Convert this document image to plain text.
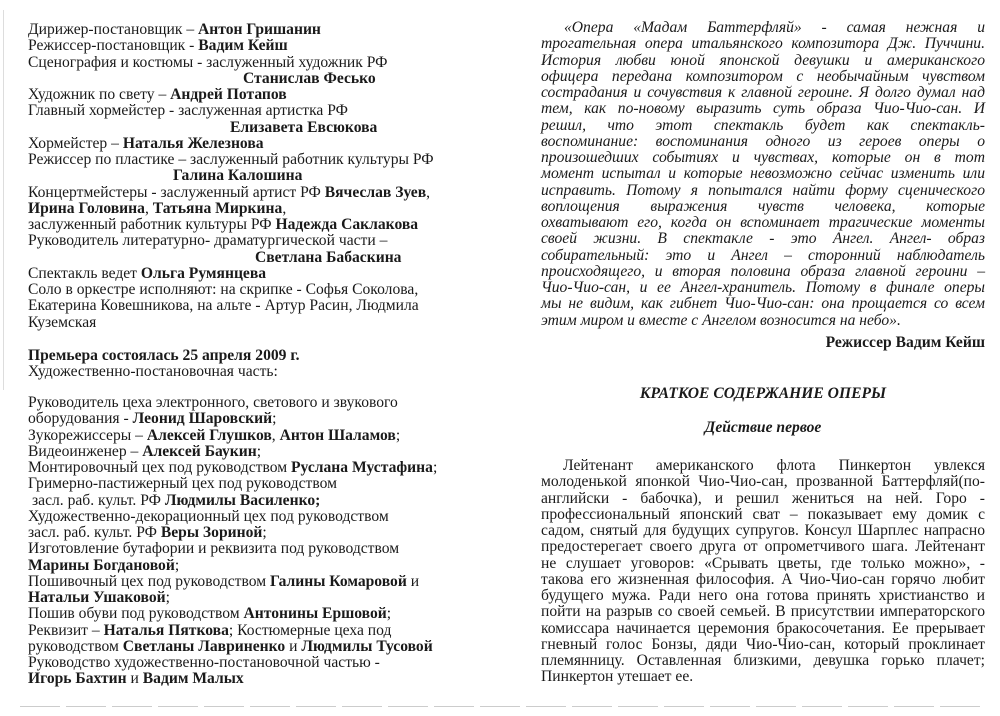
Дирижер-постановщик – Антон Гришанин
Режиссер-постановщик - Вадим Кейш
Сценография и костюмы - заслуженный художник РФ
Станислав Фесько
Художник по свету – Андрей Потапов
Главный хормейстер - заслуженная артистка РФ
Елизавета Евсюкова
Хормейстер – Наталья Железнова
Режиссер по пластике – заслуженный работник культуры РФ
Галина Калошина
Концертмейстеры - заслуженный артист РФ Вячеслав Зуев,
Ирина Головина, Татьяна Миркина,
заслуженный работник культуры РФ Надежда Саклакова
Руководитель литературно- драматургической части –
Светлана Бабаскина
Спектакль ведет Ольга Румянцева
Соло в оркестре исполняют: на скрипке - Софья Соколова,
Екатерина Ковешникова, на альте - Артур Расин, Людмила
Куземская
Премьера состоялась 25 апреля 2009 г.
Художественно-постановочная часть:
Руководитель цеха электронного, светового и звукового
оборудования - Леонид Шаровский;
Зукорежиссеры – Алексей Глушков, Антон Шаламов;
Видеоинженер – Алексей Баукин;
Монтировочный цех под руководством Руслана Мустафина;
Гримерно-пастижерный цех под руководством
засл. раб. культ. РФ Людмилы Василенко;
Художественно-декорационный цех под руководством
засл. раб. культ. РФ Веры Зориной;
Изготовление бутафории и реквизита под руководством
Марины Богдановой;
Пошивочный цех под руководством Галины Комаровой и
Натальи Ушаковой;
Пошив обуви под руководством Антонины Ершовой;
Реквизит – Наталья Пяткова; Костюмерные цеха под
руководством Светланы Лавриненко и Людмилы Тусовой
Руководство художественно-постановочной частью -
Игорь Бахтин и Вадим Малых
«Опера «Мадам Баттерфляй» - самая нежная и
трогательная опера итальянского композитора Дж. Пуччини.
История любви юной японской девушки и американского
офицера передана композитором с необычайным чувством
сострадания и сочувствия к главной героине. Я долго думал над
тем, как по-новому выразить суть образа Чио-Чио-сан. И
решил, что этот спектакль будет как спектакль-
воспоминание: воспоминания одного из героев оперы о
произошедших событиях и чувствах, которые он в тот
момент испытал и которые невозможно сейчас изменить или
исправить. Потому я попытался найти форму сценического
воплощения выражения чувств человека, которые
охватывают его, когда он вспоминает трагические моменты
своей жизни. В спектакле - это Ангел. Ангел- образ
собирательный: это и Ангел – сторонний наблюдатель
происходящего, и вторая половина образа главной героини –
Чио-Чио-сан, и ее Ангел-хранитель. Потому в финале оперы
мы не видим, как гибнет Чио-Чио-сан: она прощается со всем
этим миром и вместе с Ангелом возносится на небо».
Режиссер Вадим Кейш
КРАТКОЕ СОДЕРЖАНИЕ ОПЕРЫ
Действие первое
Лейтенант американского флота Пинкертон увлекся
молоденькой японкой Чио-Чио-сан, прозванной Баттерфляй(по-
английски - бабочка), и решил жениться на ней. Горо -
профессиональный японский сват – показывает ему домик с
садом, снятый для будущих супругов. Консул Шарплес напрасно
предостерегает своего друга от опрометчивого шага. Лейтенант
не слушает уговоров: «Срывать цветы, где только можно», -
такова его жизненная философия. А Чио-Чио-сан горячо любит
будущего мужа. Ради него она готова принять христианство и
пойти на разрыв со своей семьей. В присутствии императорского
комиссара начинается церемония бракосочетания. Ее прерывает
гневный голос Бонзы, дяди Чио-Чио-сан, который проклинает
племянницу. Оставленная близкими, девушка горько плачет;
Пинкертон утешает ее.
